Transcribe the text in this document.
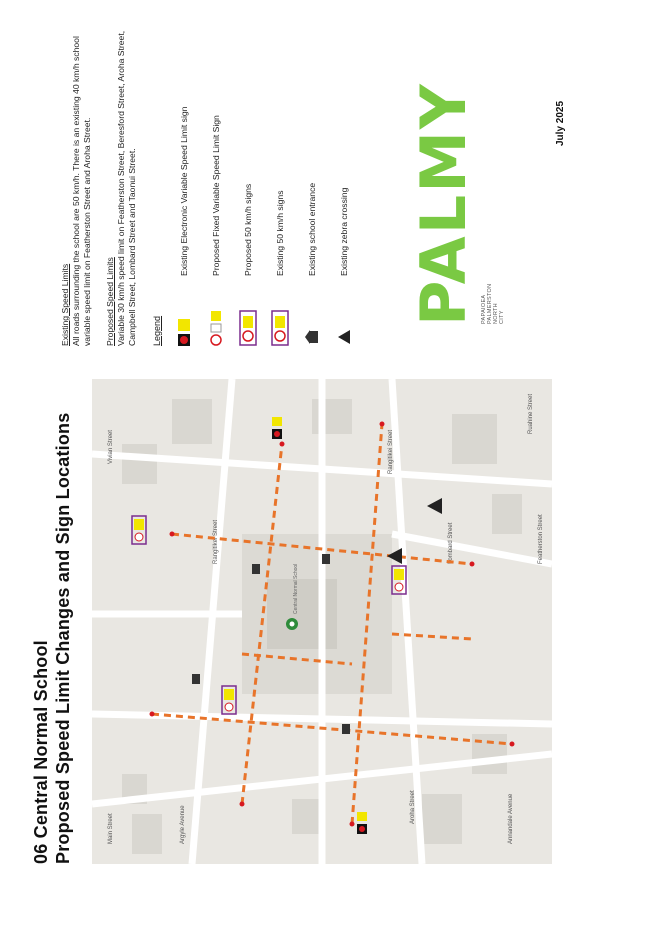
06 Central Normal School Proposed Speed Limit Changes and Sign Locations	Argyle Avenue
Rangitikei Street	Featherston Street
Rangitikei Street
Aroha Street	Annandale Avenue
Lombard Street
Vivian Street
Main Street
Ruahine Street
Central Normal School

Existing Speed Limits All roads surrounding the school are 50 km/h. There is an existing 40 km/h school variable speed limit on Featherston Street and Aroha Street. Proposed Speed Limits Variable 30 km/h speed limit on Featherston Street, Beresford Street, Aroha Street, Campbell Street, Lombard Street and Taonui Street. Legend
Existing Electronic Variable Speed Limit sign	Proposed Fixed Variable Speed Limit Sign	Proposed 50 km/h signs	Existing 50 km/h signs	Existing school entrance	Existing zebra crossing PALMY PAPAIOEA
PALMERSTON
NORTH
CITY
July 2025
